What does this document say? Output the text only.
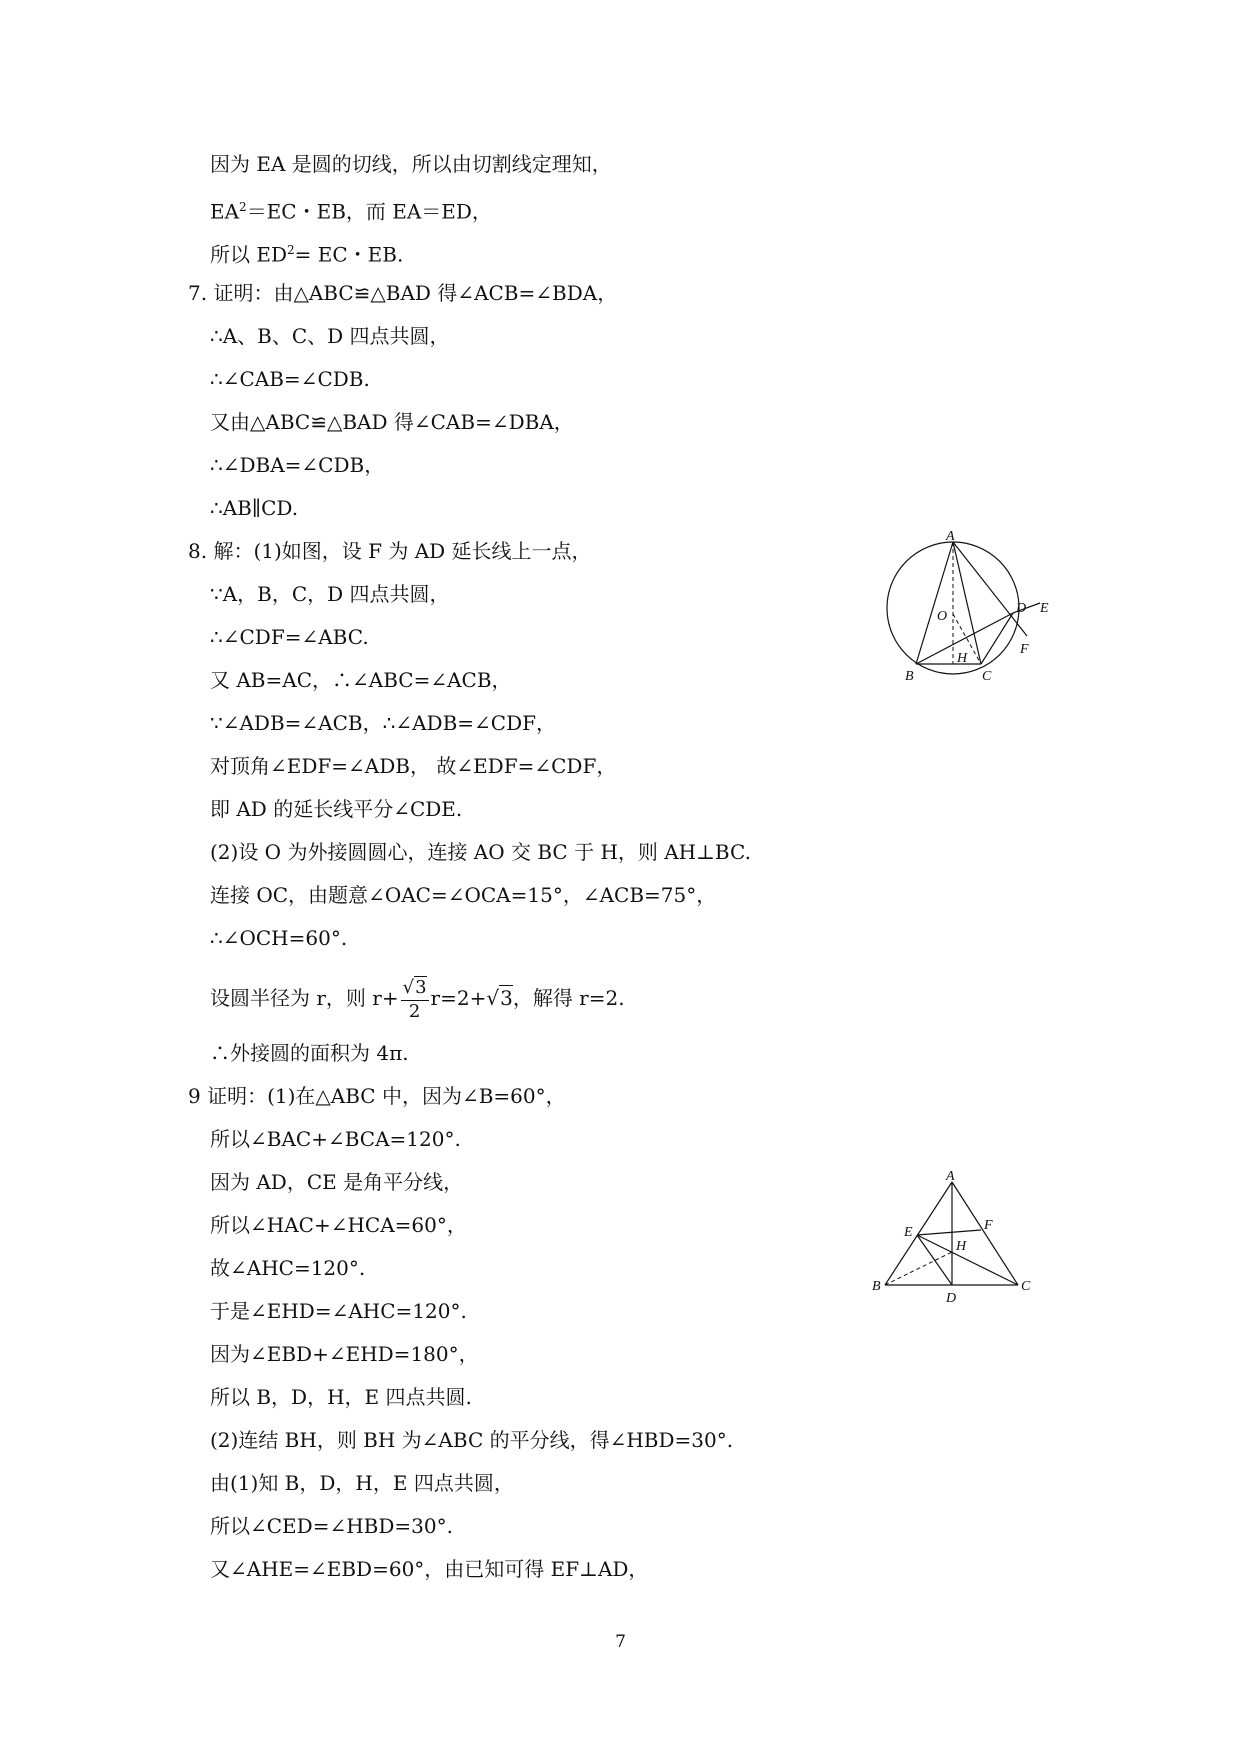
因为 EA 是圆的切线，所以由切割线定理知，
$EA^2=EC$・EB，而 EA＝ED，
所以 $ED^2=$ EC・EB.
7. 证明：由△ABC≌△BAD 得∠ACB=∠BDA，
∴A、B、C、D 四点共圆，
∴∠CAB=∠CDB.
又由△ABC≌△BAD 得∠CAB=∠DBA，
∴∠DBA=∠CDB，
∴AB∥CD.
8. 解：(1)如图，设 F 为 AD 延长线上一点，
∵A，B，C，D 四点共圆，
∴∠CDF=∠ABC.
又 AB=AC，∴∠ABC=∠ACB，
∵∠ADB=∠ACB，∴∠ADB=∠CDF，
对顶角∠EDF=∠ADB， 故∠EDF=∠CDF，
即 AD 的延长线平分∠CDE.
(2)设 O 为外接圆圆心，连接 AO 交 BC 于 H，则 AH⊥BC.
连接 OC，由题意∠OAC=∠OCA=15°，∠ACB=75°，
∴∠OCH=60°.
设圆半径为 r，则 $r+ \frac{√3}{2} r=2+√3$，解得 r=2.
∴外接圆的面积为 4π.
9 证明：(1)在△ABC 中，因为∠B=60°，
所以∠BAC+∠BCA=120°.
因为 AD，CE 是角平分线，
所以∠HAC+∠HCA=60°，
故∠AHC=120°.
于是∠EHD=∠AHC=120°.
因为∠EBD+∠EHD=180°，
所以 B，D，H，E 四点共圆.
(2)连结 BH，则 BH 为∠ABC 的平分线，得∠HBD=30°.
由(1)知 B，D，H，E 四点共圆，
所以∠CED=∠HBD=30°.
又∠AHE=∠EBD=60°，由已知可得 EF⊥AD，
A
O
D E
F
H
B	C
A
E	F
H
B
D
C
7
